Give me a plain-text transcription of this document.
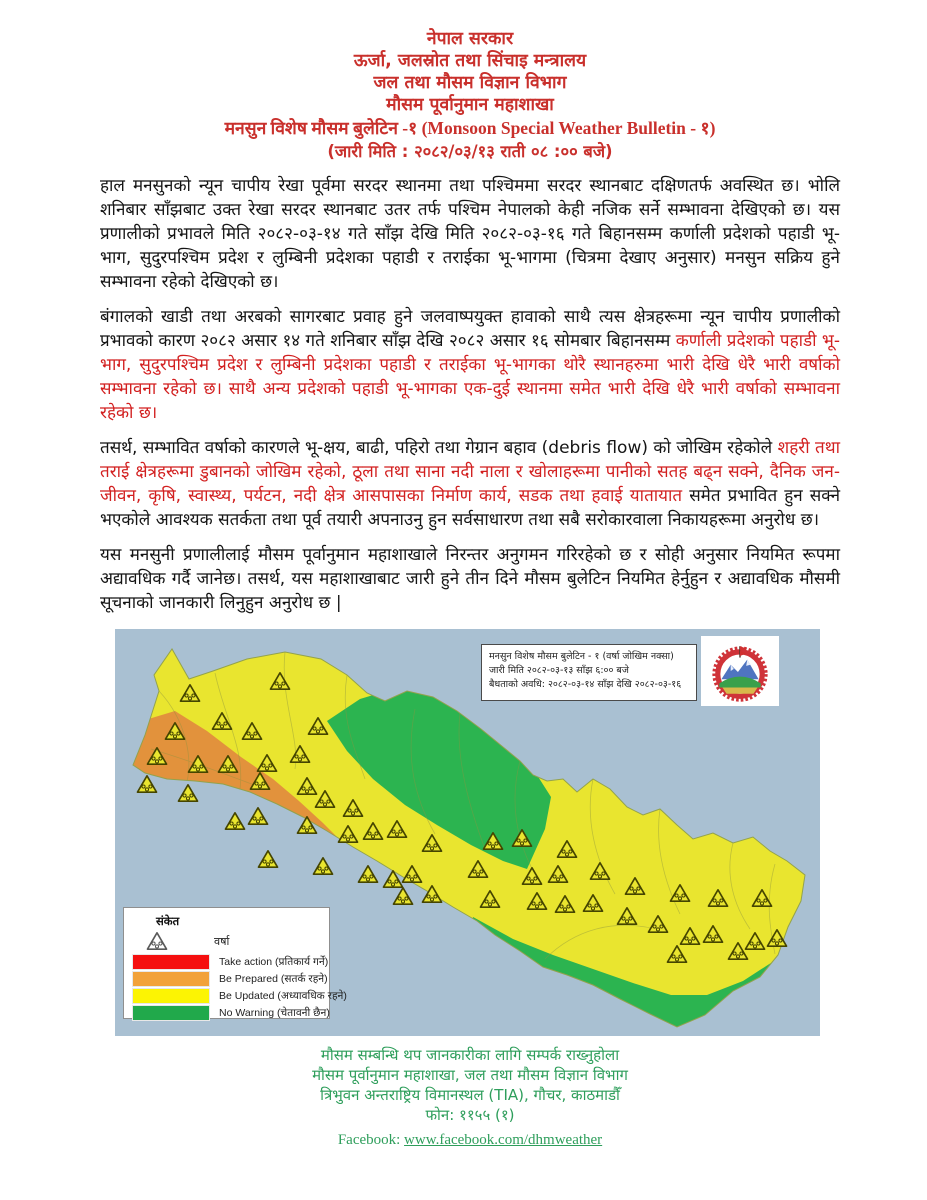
नेपाल सरकार
ऊर्जा, जलस्रोत तथा सिंचाइ मन्त्रालय
जल तथा मौसम विज्ञान विभाग
मौसम पूर्वानुमान महाशाखा
मनसुन विशेष मौसम बुलेटिन -१ (Monsoon Special Weather Bulletin - १)
(जारी मिति : २०८२/०३/१३ राती ०८ :०० बजे)

हाल मनसुनको न्यून चापीय रेखा पूर्वमा सरदर स्थानमा तथा पश्चिममा सरदर स्थानबाट दक्षिणतर्फ अवस्थित छ। भोलि शनिबार साँझबाट उक्त रेखा सरदर स्थानबाट उतर तर्फ पश्चिम नेपालको केही नजिक सर्ने सम्भावना देखिएको छ। यस प्रणालीको प्रभावले मिति २०८२-०३-१४ गते साँझ देखि मिति २०८२-०३-१६ गते बिहानसम्म कर्णाली प्रदेशको पहाडी भू-भाग, सुदुरपश्चिम प्रदेश र लुम्बिनी प्रदेशका पहाडी र तराईका भू-भागमा (चित्रमा देखाए अनुसार) मनसुन सक्रिय हुने सम्भावना रहेको देखिएको छ।

बंगालको खाडी तथा अरबको सागरबाट प्रवाह हुने जलवाष्पयुक्त हावाको साथै त्यस क्षेत्रहरूमा न्यून चापीय प्रणालीको प्रभावको कारण २०८२ असार १४ गते शनिबार साँझ देखि २०८२ असार १६ सोमबार बिहानसम्म कर्णाली प्रदेशको पहाडी भू-भाग, सुदुरपश्चिम प्रदेश र लुम्बिनी प्रदेशका पहाडी र तराईका भू-भागका थोरै स्थानहरुमा भारी देखि धेरै भारी वर्षाको सम्भावना रहेको छ। साथै अन्य प्रदेशको पहाडी भू-भागका एक-दुई स्थानमा समेत भारी देखि धेरै भारी वर्षाको सम्भावना रहेको छ।

तसर्थ, सम्भावित वर्षाको कारणले भू-क्षय, बाढी, पहिरो तथा गेग्रान बहाव (debris flow) को जोखिम रहेकोले शहरी तथा तराई क्षेत्रहरूमा डुबानको जोखिम रहेको, ठूला तथा साना नदी नाला र खोलाहरूमा पानीको सतह बढ्न सक्ने, दैनिक जन-जीवन, कृषि, स्वास्थ्य, पर्यटन, नदी क्षेत्र आसपासका निर्माण कार्य, सडक तथा हवाई यातायात समेत प्रभावित हुन सक्ने भएकोले आवश्यक सतर्कता तथा पूर्व तयारी अपनाउनु हुन सर्वसाधारण तथा सबै सरोकारवाला निकायहरूमा अनुरोध छ।

यस मनसुनी प्रणालीलाई मौसम पूर्वानुमान महाशाखाले निरन्तर अनुगमन गरिरहेको छ र सोही अनुसार नियमित रूपमा अद्यावधिक गर्दै जानेछ। तसर्थ, यस महाशाखाबाट जारी हुने तीन दिने मौसम बुलेटिन नियमित हेर्नुहुन र अद्यावधिक मौसमी सूचनाको जानकारी लिनुहुन अनुरोध छ |

मनसुन विशेष मौसम बुलेटिन - १ (वर्षा जोखिम नक्सा)
जारी मिति २०८२-०३-१३ साँझ ६:०० बजे
बैधताको अवधि: २०८२-०३-१४ साँझ देखि २०८२-०३-१६
संकेत
वर्षा
Take action (प्रतिकार्य गर्ने)
Be Prepared (सतर्क रहने)
Be Updated (अध्यावधिक रहने)
No Warning (चेतावनी छैन)
मौसम सम्बन्धि थप जानकारीका लागि सम्पर्क राख्नुहोला
मौसम पूर्वानुमान महाशाखा, जल तथा मौसम विज्ञान विभाग
त्रिभुवन अन्तराष्ट्रिय विमानस्थल (TIA), गौचर, काठमाडौँ
फोन: ११५५ (१)
Facebook: www.facebook.com/dhmweather
